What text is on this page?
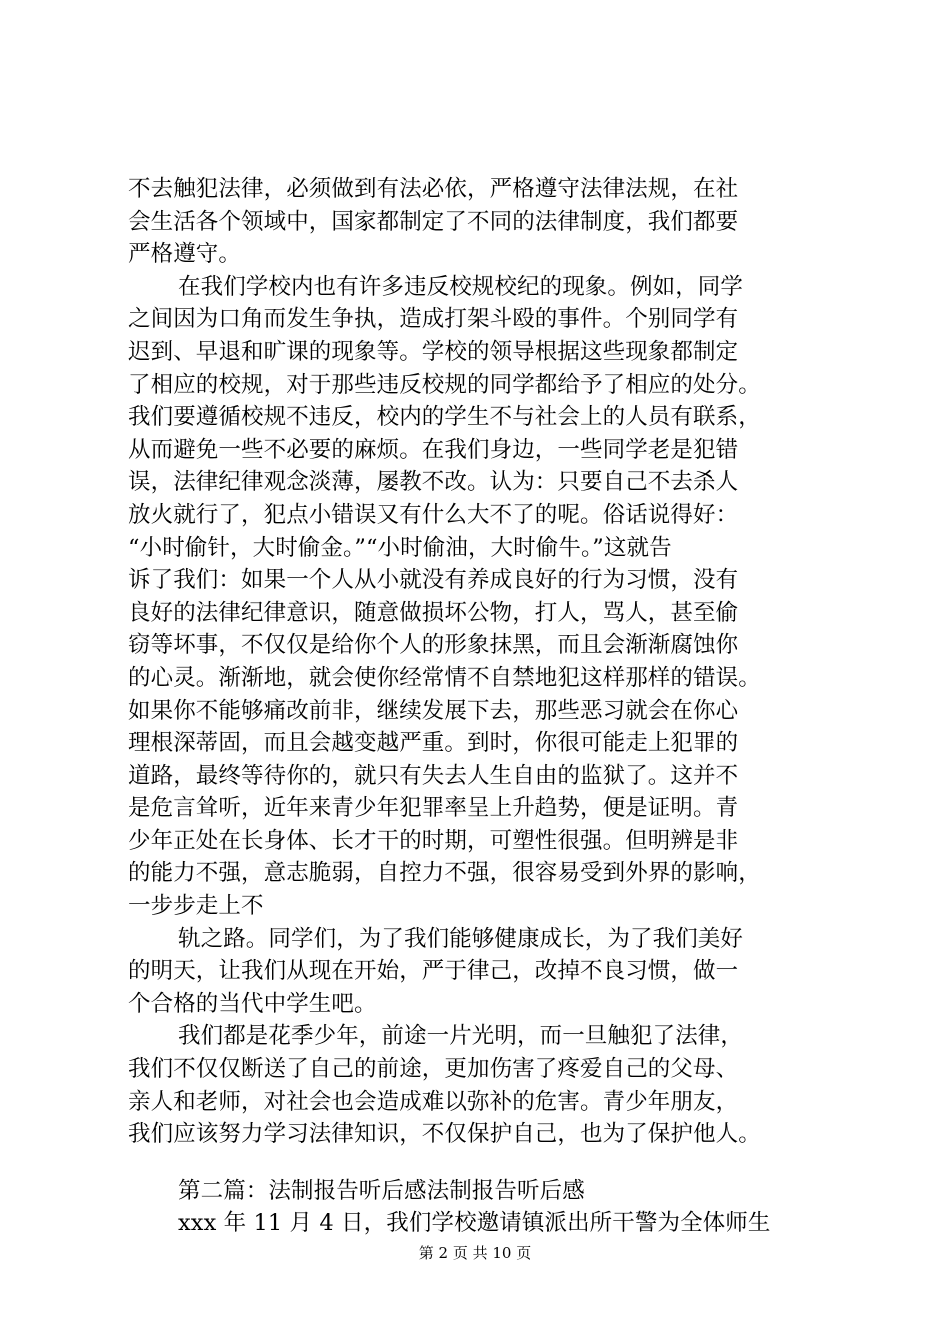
不去触犯法律，必须做到有法必依，严格遵守法律法规，在社
会生活各个领域中，国家都制定了不同的法律制度，我们都要
严格遵守。
在我们学校内也有许多违反校规校纪的现象。例如，同学
之间因为口角而发生争执，造成打架斗殴的事件。个别同学有
迟到、早退和旷课的现象等。学校的领导根据这些现象都制定
了相应的校规，对于那些违反校规的同学都给予了相应的处分。
我们要遵循校规不违反，校内的学生不与社会上的人员有联系，
从而避免一些不必要的麻烦。在我们身边，一些同学老是犯错
误，法律纪律观念淡薄，屡教不改。认为：只要自己不去杀人
放火就行了，犯点小错误又有什么大不了的呢。俗话说得好：
“小时偷针，大时偷金。”“小时偷油，大时偷牛。”这就告
诉了我们：如果一个人从小就没有养成良好的行为习惯，没有
良好的法律纪律意识，随意做损坏公物，打人，骂人，甚至偷
窃等坏事，不仅仅是给你个人的形象抹黑，而且会渐渐腐蚀你
的心灵。渐渐地，就会使你经常情不自禁地犯这样那样的错误。
如果你不能够痛改前非，继续发展下去，那些恶习就会在你心
理根深蒂固，而且会越变越严重。到时，你很可能走上犯罪的
道路，最终等待你的，就只有失去人生自由的监狱了。这并不
是危言耸听，近年来青少年犯罪率呈上升趋势，便是证明。青
少年正处在长身体、长才干的时期，可塑性很强。但明辨是非
的能力不强，意志脆弱，自控力不强，很容易受到外界的影响，
一步步走上不
轨之路。同学们，为了我们能够健康成长，为了我们美好
的明天，让我们从现在开始，严于律己，改掉不良习惯，做一
个合格的当代中学生吧。
我们都是花季少年，前途一片光明，而一旦触犯了法律，
我们不仅仅断送了自己的前途，更加伤害了疼爱自己的父母、
亲人和老师，对社会也会造成难以弥补的危害。青少年朋友，
我们应该努力学习法律知识，不仅保护自己，也为了保护他人。
第二篇：法制报告听后感法制报告听后感
xxx 年 11 月 4 日，我们学校邀请镇派出所干警为全体师生
第 2 页 共 10 页
